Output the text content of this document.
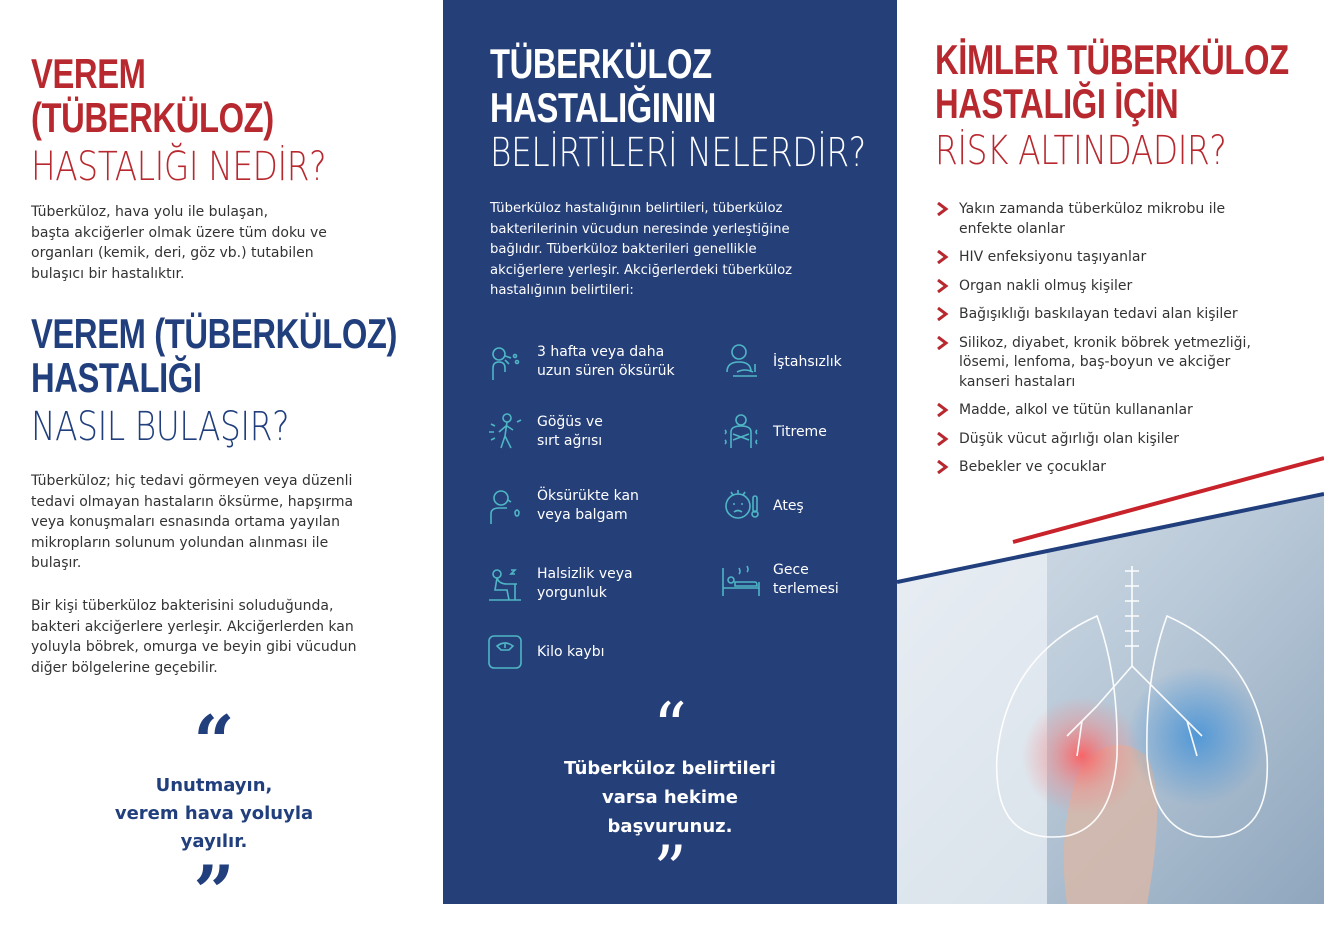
VEREM
(TÜBERKÜLOZ)
HASTALIĞI NEDİR?
Tüberküloz, hava yolu ile bulaşan,
başta akciğerler olmak üzere tüm doku ve
organları (kemik, deri, göz vb.) tutabilen
bulaşıcı bir hastalıktır.
VEREM (TÜBERKÜLOZ)
HASTALIĞI
NASIL BULAŞIR?
Tüberküloz; hiç tedavi görmeyen veya düzenli
tedavi olmayan hastaların öksürme, hapşırma
veya konuşmaları esnasında ortama yayılan
mikropların solunum yolundan alınması ile
bulaşır.
Bir kişi tüberküloz bakterisini soluduğunda,
bakteri akciğerlere yerleşir. Akciğerlerden kan
yoluyla böbrek, omurga ve beyin gibi vücudun
diğer bölgelerine geçebilir.
“
Unutmayın,
verem hava yoluyla
yayılır.
”
TÜBERKÜLOZ
HASTALIĞININ
BELİRTİLERİ NELERDİR?
Tüberküloz hastalığının belirtileri, tüberküloz
bakterilerinin vücudun neresinde yerleştiğine
bağlıdır. Tüberküloz bakterileri genellikle
akciğerlere yerleşir. Akciğerlerdeki tüberküloz
hastalığının belirtileri:
3 hafta veya daha
uzun süren öksürük
İştahsızlık
Göğüs ve
sırt ağrısı
Titreme
Öksürükte kan
veya balgam
Ateş
Halsizlik veya
yorgunluk
Gece
terlemesi
Kilo kaybı
“
Tüberküloz belirtileri
varsa hekime
başvurunuz.
”
KİMLER TÜBERKÜLOZ
HASTALIĞI İÇİN
RİSK ALTINDADIR?
Yakın zamanda tüberküloz mikrobu ile
enfekte olanlar
HIV enfeksiyonu taşıyanlar
Organ nakli olmuş kişiler
Bağışıklığı baskılayan tedavi alan kişiler
Silikoz, diyabet, kronik böbrek yetmezliği,
lösemi, lenfoma, baş-boyun ve akciğer
kanseri hastaları
Madde, alkol ve tütün kullananlar
Düşük vücut ağırlığı olan kişiler
Bebekler ve çocuklar
